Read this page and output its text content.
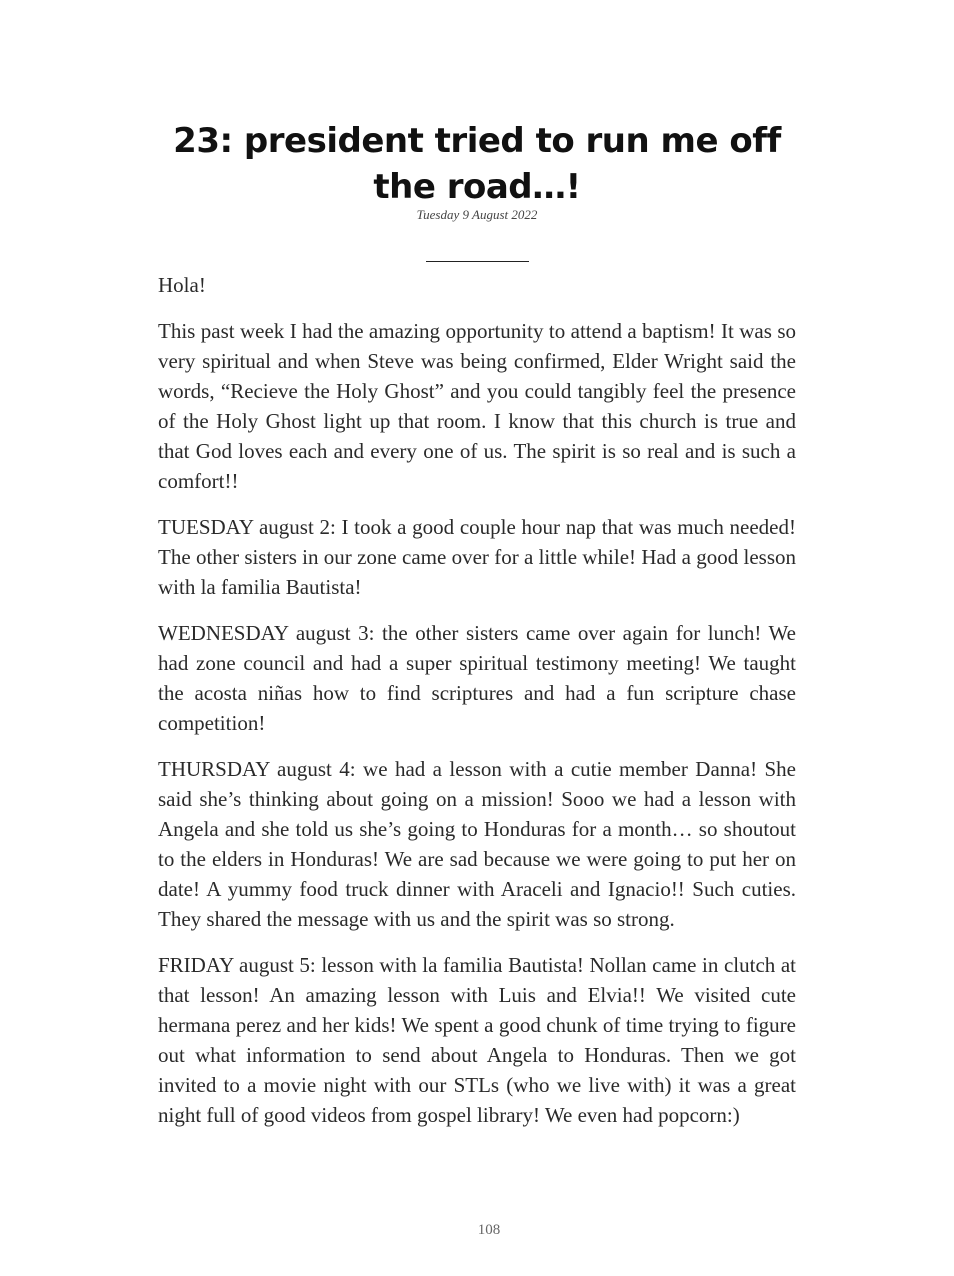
23: president tried to run me off the road…!
Tuesday 9 August 2022

Hola!

This past week I had the amazing opportunity to attend a baptism! It was so very spiritual and when Steve was being confirmed, Elder Wright said the words, “Recieve the Holy Ghost” and you could tangibly feel the presence of the Holy Ghost light up that room. I know that this church is true and that God loves each and every one of us. The spirit is so real and is such a comfort!!

TUESDAY august 2: I took a good couple hour nap that was much needed! The other sisters in our zone came over for a little while! Had a good lesson with la familia Bautista!

WEDNESDAY august 3: the other sisters came over again for lunch! We had zone council and had a super spiritual testimony meeting! We taught the acosta niñas how to find scriptures and had a fun scripture chase competition!

THURSDAY august 4: we had a lesson with a cutie member Danna! She said she’s thinking about going on a mission! Sooo we had a lesson with Angela and she told us she’s going to Honduras for a month… so shoutout to the elders in Honduras! We are sad because we were going to put her on date! A yummy food truck dinner with Araceli and Ignacio!! Such cuties. They shared the message with us and the spirit was so strong.

FRIDAY august 5: lesson with la familia Bautista! Nollan came in clutch at that lesson! An amazing lesson with Luis and Elvia!! We visited cute hermana perez and her kids! We spent a good chunk of time trying to figure out what information to send about Angela to Honduras. Then we got invited to a movie night with our STLs (who we live with) it was a great night full of good videos from gospel library! We even had popcorn:)

108
